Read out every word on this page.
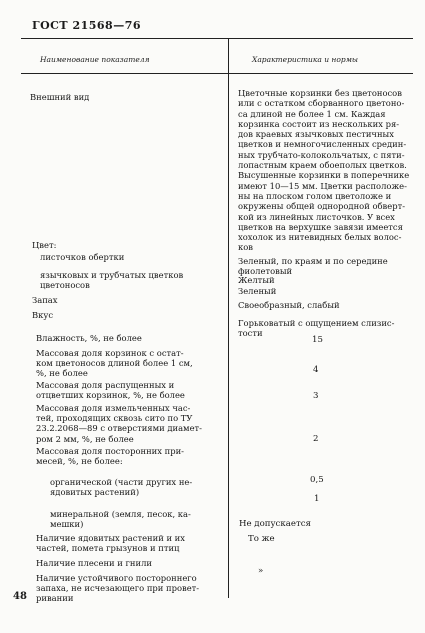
ГОСТ 21568—76
Наименование показателя	Характеристика и нормы
Внешний вид
Цвет:
листочков обертки
язычковых и трубчатых цветков
цветоносов
Запах
Вкус
Влажность, %, не более
Массовая доля корзинок с остат-
ком цветоносов длиной более 1 см,
%, не более
Массовая доля распущенных и
отцветших корзинок, %, не более
Массовая доля измельченных час-
тей, проходящих сквозь сито по ТУ
23.2.2068—89 с отверстиями диамет-
ром 2 мм, %, не более
Массовая доля посторонних при-
месей, %, не более:
органической (части других не-
ядовитых растений)
минеральной (земля, песок, ка-
мешки)
Наличие ядовитых растений и их
частей, помета грызунов и птиц
Наличие плесени и гнили
Наличие устойчивого постороннего
запаха, не исчезающего при провет-
ривании
Цветочные корзинки без цветоносов
или с остатком сборванного цветоно-
са длиной не более 1 см. Каждая
корзинка состоит из нескольких ря-
дов краевых язычковых пестичных
цветков и немногочисленных средин-
ных трубчато-колокольчатых, с пяти-
лопастным краем обоеполых цветков.
Высушенные корзинки в поперечнике
имеют 10—15 мм. Цветки расположе-
ны на плоском голом цветоложе и
окружены общей однородной обверт-
кой из линейных листочков. У всех
цветков на верхушке завязи имеется
хохолок из нитевидных белых волос-
ков
Зеленый, по краям и по середине
фиолетовый
Желтый
Зеленый
Своеобразный, слабый
Горьковатый с ощущением слизис-
тости
15
4
3
2
0,5
1
Не допускается
То же
»
48
